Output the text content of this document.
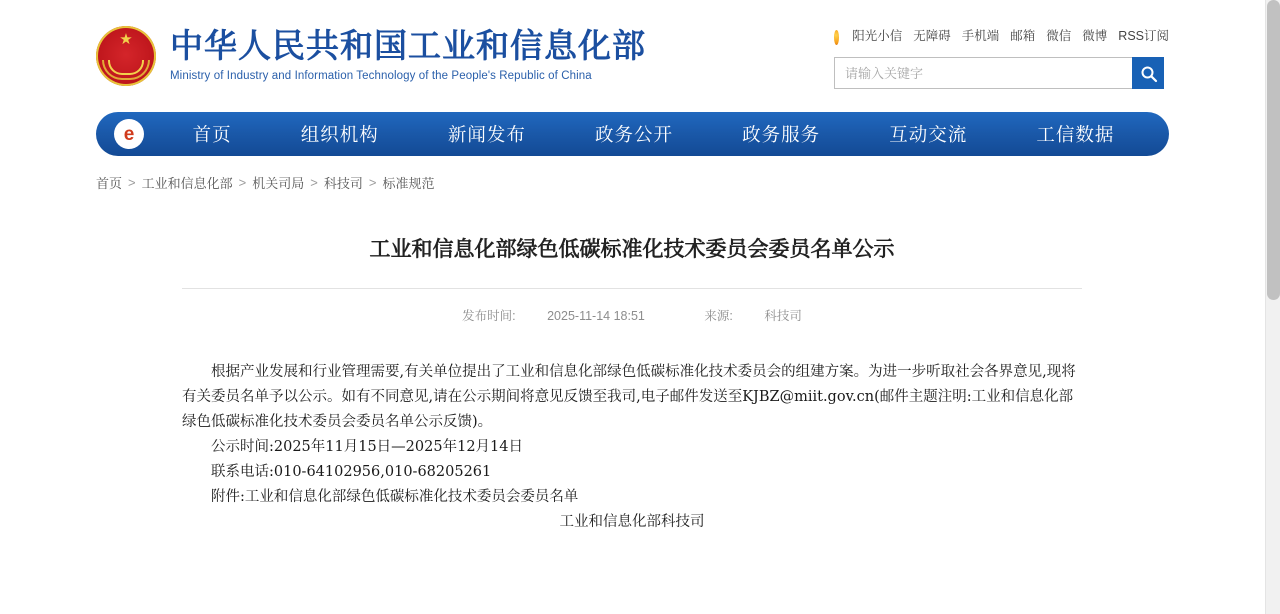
★
中华人民共和国工业和信息化部
Ministry of Industry and Information Technology of the People's Republic of China
阳光小信 无障碍 手机端 邮箱 微信 微博 RSS订阅
请输入关键字
e	首页	组织机构	新闻发布	政务公开	政务服务	互动交流	工信数据
首页 > 工业和信息化部 > 机关司局 > 科技司 > 标准规范
工业和信息化部绿色低碳标准化技术委员会委员名单公示
发布时间:	2025-11-14 18:51	来源:	科技司

根据产业发展和行业管理需要,有关单位提出了工业和信息化部绿色低碳标准化技术委员会的组建方案。为进一步听取社会各界意见,现将有关委员名单予以公示。如有不同意见,请在公示期间将意见反馈至我司,电子邮件发送至KJBZ@miit.gov.cn(邮件主题注明:工业和信息化部绿色低碳标准化技术委员会委员名单公示反馈)。

公示时间:2025年11月15日—2025年12月14日

联系电话:010-64102956,010-68205261

附件:工业和信息化部绿色低碳标准化技术委员会委员名单

工业和信息化部科技司
